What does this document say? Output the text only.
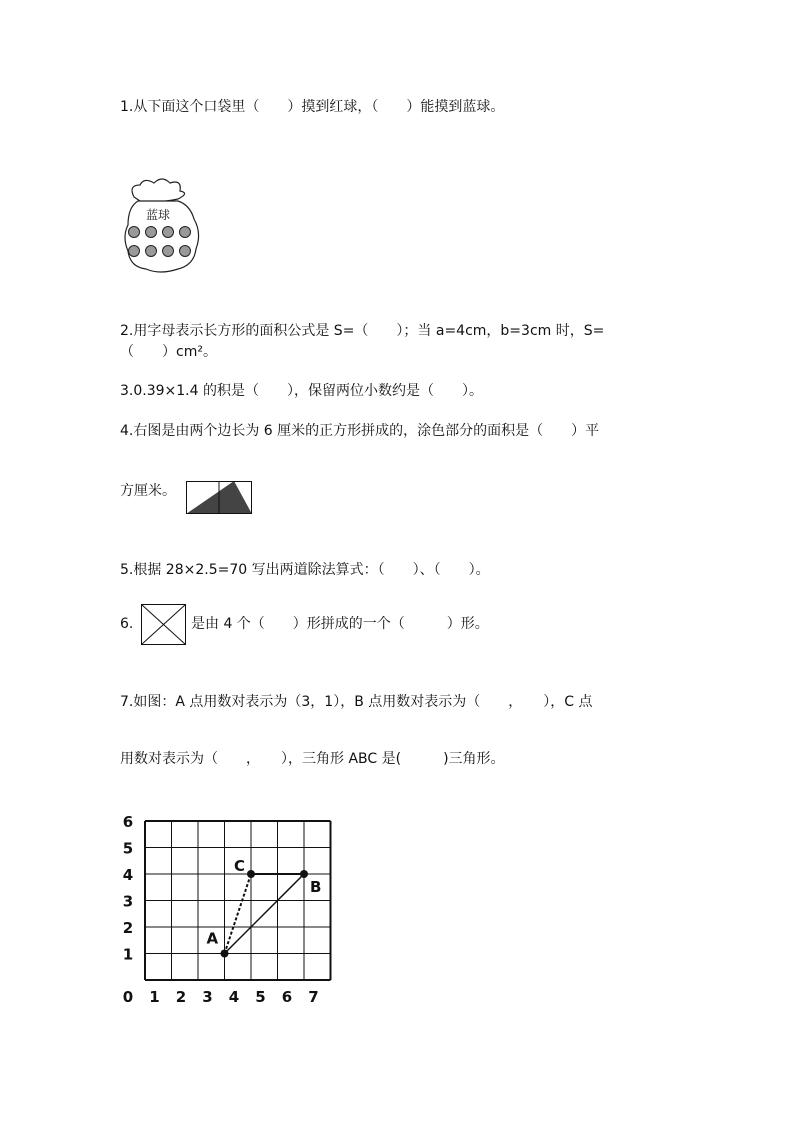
1.从下面这个口袋里（　　）摸到红球，（　　）能摸到蓝球。
蓝球
2.用字母表示长方形的面积公式是 S=（　　）；当 a=4cm，b=3cm 时，S=
（　　）cm²。
3.0.39×1.4 的积是（　　），保留两位小数约是（　　）。
4.右图是由两个边长为 6 厘米的正方形拼成的，涂色部分的面积是（　　）平
方厘米。
5.根据 28×2.5=70 写出两道除法算式：（　　）、（　　）。
6.	是由 4 个（　　）形拼成的一个（　　　）形。
7.如图：A 点用数对表示为（3，1），B 点用数对表示为（　　，　　），C 点
用数对表示为（　　，　　），三角形 ABC 是(　　　)三角形。
0 1 2 3 4 5 6 7
1
2
3
4
5
6
A
B
C
